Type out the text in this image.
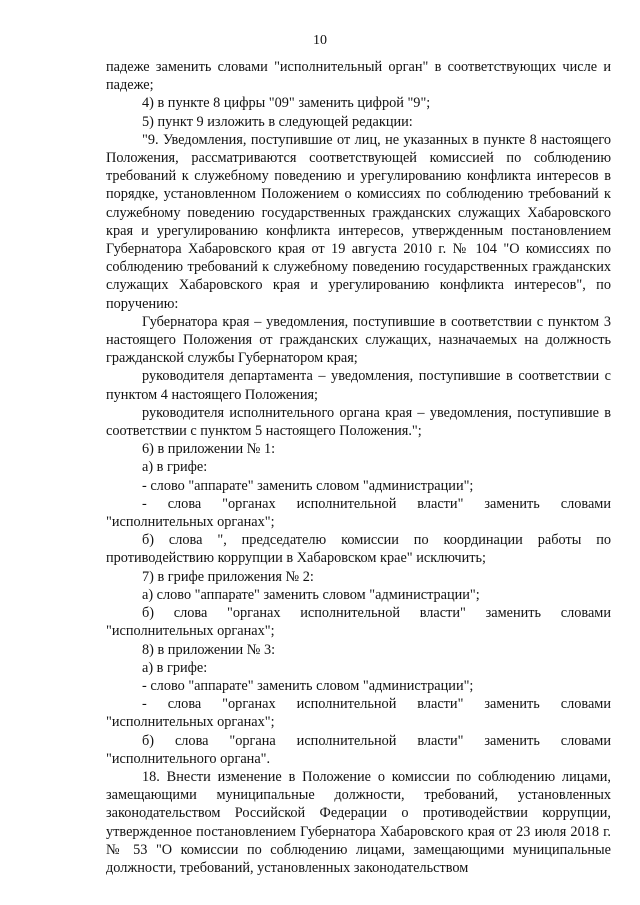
10

падеже заменить словами "исполнительный орган" в соответствующих числе и падеже;

4) в пункте 8 цифры "09" заменить цифрой "9";

5) пункт 9 изложить в следующей редакции:

"9. Уведомления, поступившие от лиц, не указанных в пункте 8 настоящего Положения, рассматриваются соответствующей комиссией по соблюдению требований к служебному поведению и урегулированию конфликта интересов в порядке, установленном Положением о комиссиях по соблюдению требований к служебному поведению государственных гражданских служащих Хабаровского края и урегулированию конфликта интересов, утвержденным постановлением Губернатора Хабаровского края от 19 августа 2010 г. № 104 "О комиссиях по соблюдению требований к служебному поведению государственных гражданских служащих Хабаровского края и урегулированию конфликта интересов", по поручению:

Губернатора края – уведомления, поступившие в соответствии с пунктом 3 настоящего Положения от гражданских служащих, назначаемых на должность гражданской службы Губернатором края;

руководителя департамента – уведомления, поступившие в соответствии с пунктом 4 настоящего Положения;

руководителя исполнительного органа края – уведомления, поступившие в соответствии с пунктом 5 настоящего Положения.";

6) в приложении № 1:

а) в грифе:

- слово "аппарате" заменить словом "администрации";

- слова "органах исполнительной власти" заменить словами "исполнительных органах";

б) слова ", председателю комиссии по координации работы по противодействию коррупции в Хабаровском крае" исключить;

7) в грифе приложения № 2:

а) слово "аппарате" заменить словом "администрации";

б) слова "органах исполнительной власти" заменить словами "исполнительных органах";

8) в приложении № 3:

а) в грифе:

- слово "аппарате" заменить словом "администрации";

- слова "органах исполнительной власти" заменить словами "исполнительных органах";

б) слова "органа исполнительной власти" заменить словами "исполнительного органа".

18. Внести изменение в Положение о комиссии по соблюдению лицами, замещающими муниципальные должности, требований, установленных законодательством Российской Федерации о противодействии коррупции, утвержденное постановлением Губернатора Хабаровского края от 23 июля 2018 г. № 53 "О комиссии по соблюдению лицами, замещающими муниципальные должности, требований, установленных законодательством
